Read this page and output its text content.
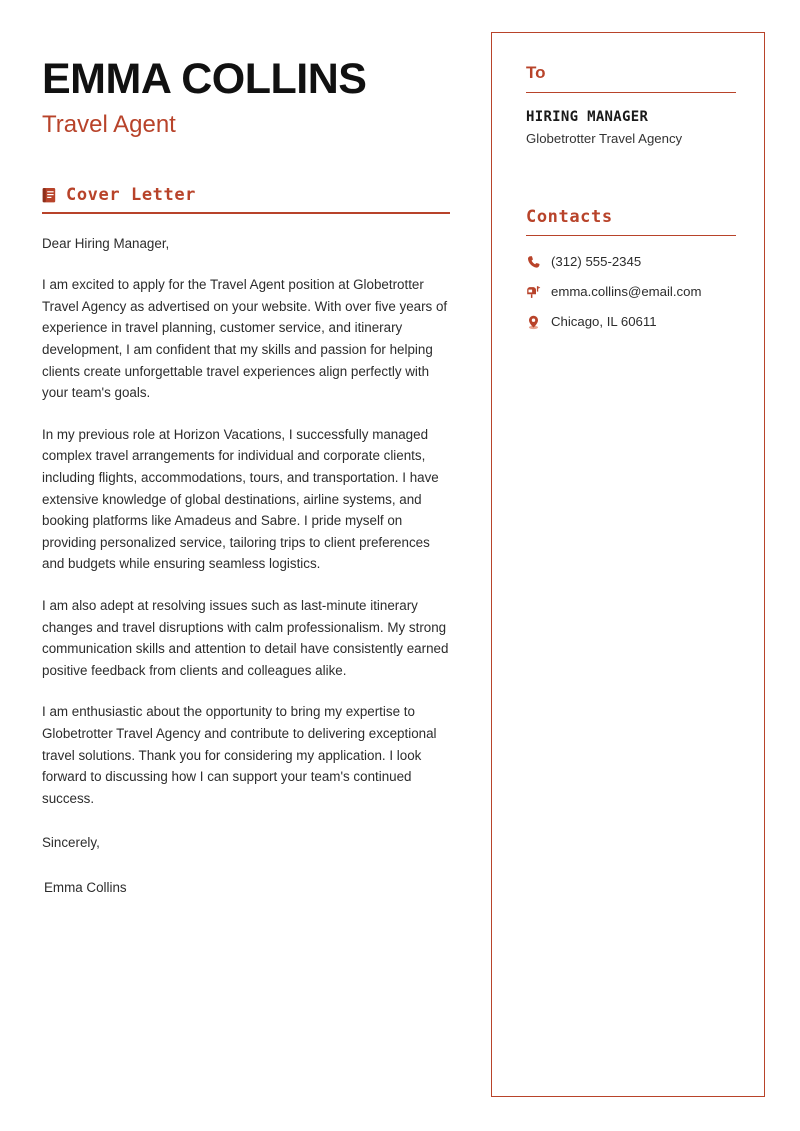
EMMA COLLINS
Travel Agent
Cover Letter

Dear Hiring Manager,

I am excited to apply for the Travel Agent position at Globetrotter Travel Agency as advertised on your website. With over five years of experience in travel planning, customer service, and itinerary development, I am confident that my skills and passion for helping clients create unforgettable travel experiences align perfectly with your team's goals.

In my previous role at Horizon Vacations, I successfully managed complex travel arrangements for individual and corporate clients, including flights, accommodations, tours, and transportation. I have extensive knowledge of global destinations, airline systems, and booking platforms like Amadeus and Sabre. I pride myself on providing personalized service, tailoring trips to client preferences and budgets while ensuring seamless logistics.

I am also adept at resolving issues such as last-minute itinerary changes and travel disruptions with calm professionalism. My strong communication skills and attention to detail have consistently earned positive feedback from clients and colleagues alike.

I am enthusiastic about the opportunity to bring my expertise to Globetrotter Travel Agency and contribute to delivering exceptional travel solutions. Thank you for considering my application. I look forward to discussing how I can support your team's continued success.

Sincerely,

Emma Collins

To
HIRING MANAGER
Globetrotter Travel Agency
Contacts
(312) 555-2345
emma.collins@email.com
Chicago, IL 60611
